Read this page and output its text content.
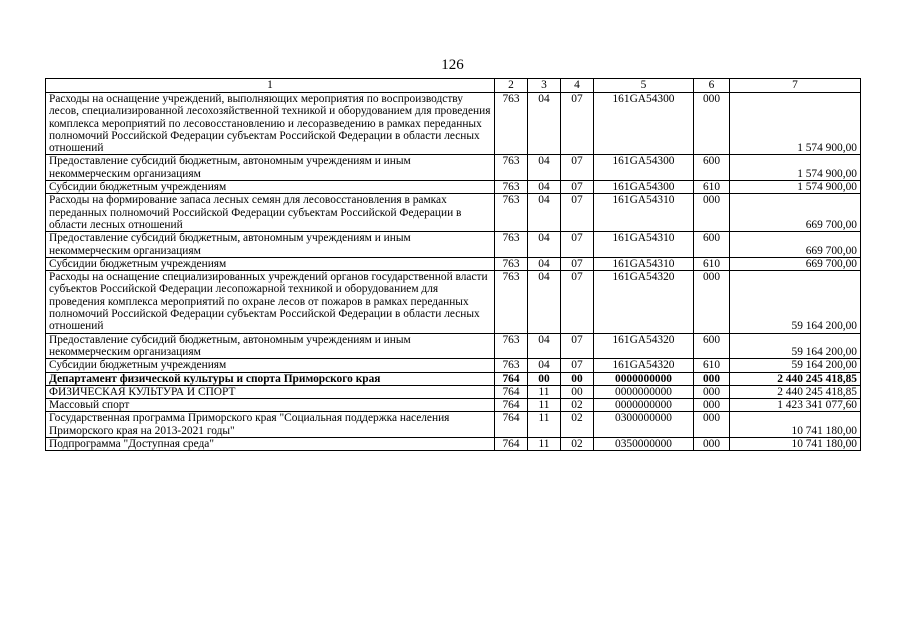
126
1	2	3	4	5	6	7
Расходы на оснащение учреждений, выполняющих мероприятия по воспроизводству лесов, специализированной лесохозяйственной техникой и оборудованием для проведения комплекса мероприятий по лесовосстановлению и лесоразведению в рамках переданных полномочий Российской Федерации субъектам Российской Федерации в области лесных отношений	763	04	07	161GA54300	000	1 574 900,00
Предоставление субсидий бюджетным, автономным учреждениям и иным некоммерческим организациям	763	04	07	161GA54300	600	1 574 900,00
Субсидии бюджетным учреждениям	763	04	07	161GA54300	610	1 574 900,00
Расходы на формирование запаса лесных семян для лесовосстановления в рамках переданных полномочий Российской Федерации субъектам Российской Федерации в области лесных отношений	763	04	07	161GA54310	000	669 700,00
Предоставление субсидий бюджетным, автономным учреждениям и иным некоммерческим организациям	763	04	07	161GA54310	600	669 700,00
Субсидии бюджетным учреждениям	763	04	07	161GA54310	610	669 700,00
Расходы на оснащение специализированных учреждений органов государственной власти субъектов Российской Федерации лесопожарной техникой и оборудованием для проведения комплекса мероприятий по охране лесов от пожаров в рамках переданных полномочий Российской Федерации субъектам Российской Федерации в области лесных отношений	763	04	07	161GA54320	000	59 164 200,00
Предоставление субсидий бюджетным, автономным учреждениям и иным некоммерческим организациям	763	04	07	161GA54320	600	59 164 200,00
Субсидии бюджетным учреждениям	763	04	07	161GA54320	610	59 164 200,00
Департамент физической культуры и спорта Приморского края	764	00	00	0000000000	000	2 440 245 418,85
ФИЗИЧЕСКАЯ КУЛЬТУРА И СПОРТ	764	11	00	0000000000	000	2 440 245 418,85
Массовый спорт	764	11	02	0000000000	000	1 423 341 077,60
Государственная программа Приморского края "Социальная поддержка населения Приморского края на 2013-2021 годы"	764	11	02	0300000000	000	10 741 180,00
Подпрограмма "Доступная среда"	764	11	02	0350000000	000	10 741 180,00
